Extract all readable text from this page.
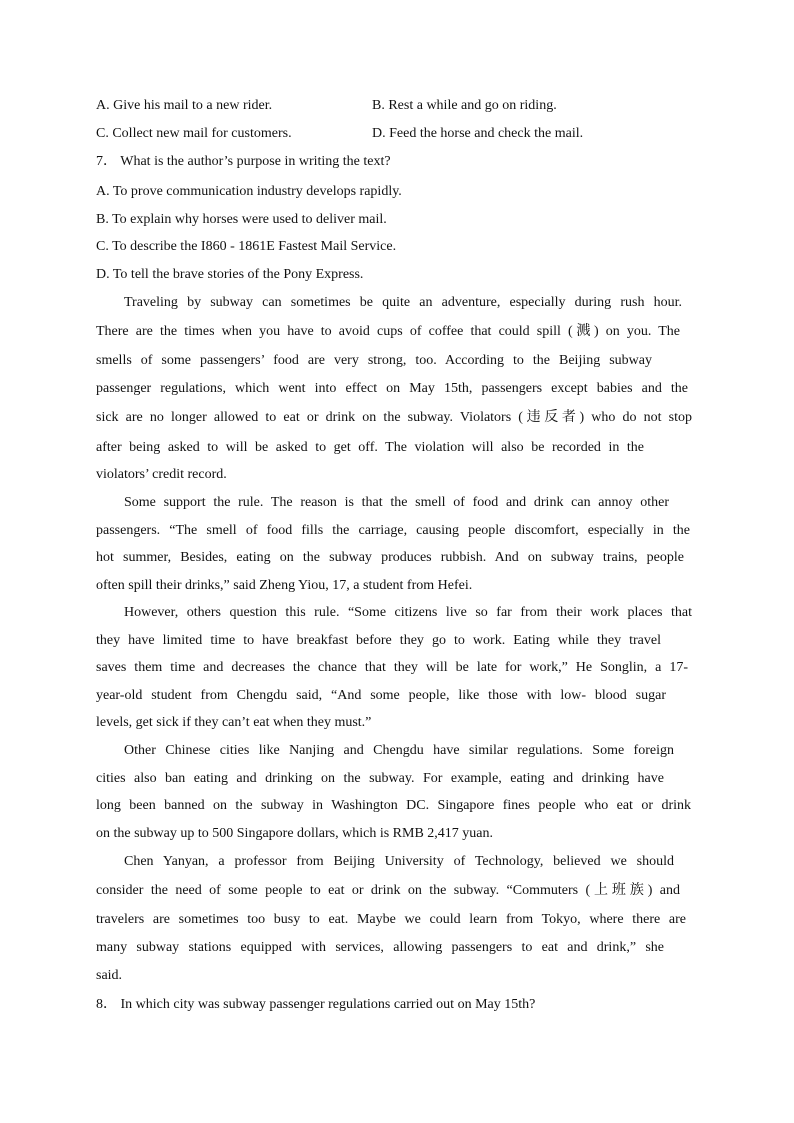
A. Give his mail to a new rider.	B. Rest a while and go on riding.
C. Collect new mail for customers.	D. Feed the horse and check the mail.
7． What is the author’s purpose in writing the text?
A. To prove communication industry develops rapidly.
B. To explain why horses were used to deliver mail.
C. To describe the I860 - 1861E Fastest Mail Service.
D. To tell the brave stories of the Pony Express.
Traveling by subway can sometimes be quite an adventure, especially during rush hour.
There are the times when you have to avoid cups of coffee that could spill (溅) on you. The
smells of some passengers’ food are very strong, too. According to the Beijing subway
passenger regulations, which went into effect on May 15th, passengers except babies and the
sick are no longer allowed to eat or drink on the subway. Violators (违反者) who do not stop
after being asked to will be asked to get off. The violation will also be recorded in the
violators’ credit record.
Some support the rule. The reason is that the smell of food and drink can annoy other
passengers. “The smell of food fills the carriage, causing people discomfort, especially in the
hot summer, Besides, eating on the subway produces rubbish. And on subway trains, people
often spill their drinks,” said Zheng Yiou, 17, a student from Hefei.
However, others question this rule. “Some citizens live so far from their work places that
they have limited time to have breakfast before they go to work. Eating while they travel
saves them time and decreases the chance that they will be late for work,” He Songlin, a 17-
year-old student from Chengdu said, “And some people, like those with low- blood sugar
levels, get sick if they can’t eat when they must.”
Other Chinese cities like Nanjing and Chengdu have similar regulations. Some foreign
cities also ban eating and drinking on the subway. For example, eating and drinking have
long been banned on the subway in Washington DC. Singapore fines people who eat or drink
on the subway up to 500 Singapore dollars, which is RMB 2,417 yuan.
Chen Yanyan, a professor from Beijing University of Technology, believed we should
consider the need of some people to eat or drink on the subway. “Commuters (上班族) and
travelers are sometimes too busy to eat. Maybe we could learn from Tokyo, where there are
many subway stations equipped with services, allowing passengers to eat and drink,” she
said.
8． In which city was subway passenger regulations carried out on May 15th?
